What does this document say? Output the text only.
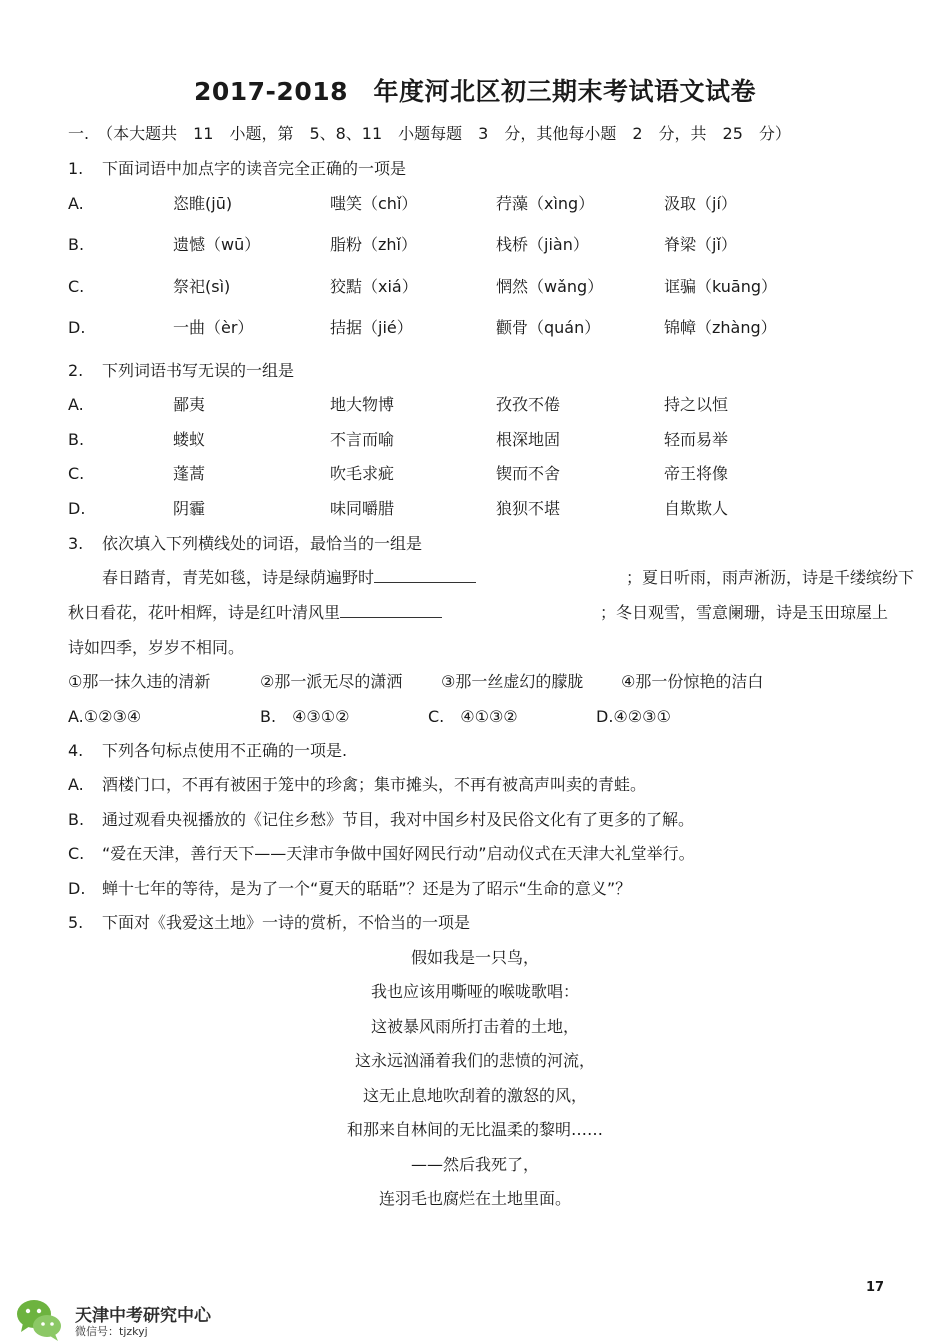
2017-2018　年度河北区初三期末考试语文试卷
一.　（本大题共　11　小题，第　5、8、11　小题每题　3　分，其他每小题　2　分，共　25　分）
1. 下面词语中加点字的读音完全正确的一项是
A.	恣睢(jū)	嗤笑（chǐ）	荇藻（xìng）	汲取（jí）
B.	遗憾（wū）	脂粉（zhǐ）	栈桥（jiàn）	脊梁（jǐ）
C.	祭祀(sì)	狡黠（xiá）	惘然（wǎng）	诓骗（kuāng）
D.	一曲（èr）	拮据（jié）	颧骨（quán）	锦幛（zhàng）
2. 下列词语书写无误的一组是
A.	鄙夷	地大物博	孜孜不倦	持之以恒
B.	蝼蚁	不言而喻	根深地固	轻而易举
C.	蓬蒿	吹毛求疵	锲而不舍	帝王将像
D.	阴霾	味同嚼腊	狼狈不堪	自欺欺人
3. 依次填入下列横线处的词语，最恰当的一组是
春日踏青，青芜如毯，诗是绿荫遍野时	；夏日听雨，雨声淅沥，诗是千缕缤纷下
秋日看花，花叶相辉，诗是红叶清风里	；冬日观雪，雪意阑珊，诗是玉田琼屋上
诗如四季，岁岁不相同。
①那一抹久违的清新	②那一派无尽的潇洒 ③那一丝虚幻的朦胧 ④那一份惊艳的洁白
A.①②③④	B.　④③①②	C.　④①③②	D.④②③①
4. 下列各句标点使用不正确的一项是.
A. 酒楼门口，不再有被困于笼中的珍禽；集市摊头，不再有被高声叫卖的青蛙。
B. 通过观看央视播放的《记住乡愁》节目，我对中国乡村及民俗文化有了更多的了解。
C. “爱在天津，善行天下——天津市争做中国好网民行动”启动仪式在天津大礼堂举行。
D. 蝉十七年的等待，是为了一个“夏天的聒聒”？还是为了昭示“生命的意义”？
5. 下面对《我爱这土地》一诗的赏析，不恰当的一项是
假如我是一只鸟，
我也应该用嘶哑的喉咙歌唱：
这被暴风雨所打击着的土地，
这永远汹涌着我们的悲愤的河流，
这无止息地吹刮着的激怒的风，
和那来自林间的无比温柔的黎明……
——然后我死了，
连羽毛也腐烂在土地里面。
17
天津中考研究中心
微信号：tjzkyj
